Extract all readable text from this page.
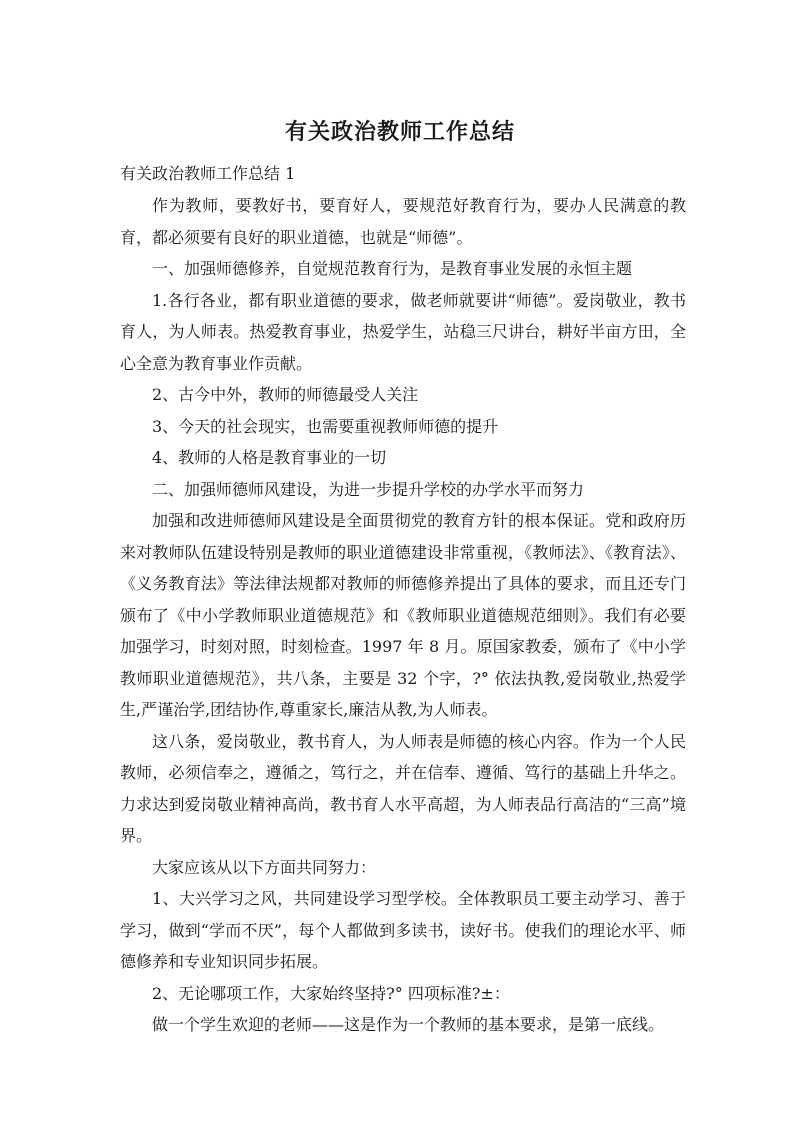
有关政治教师工作总结
有关政治教师工作总结 1

作为教师，要教好书，要育好人，要规范好教育行为，要办人民满意的教育，都必须要有良好的职业道德，也就是“师德”。

一、加强师德修养，自觉规范教育行为，是教育事业发展的永恒主题

1.各行各业，都有职业道德的要求，做老师就要讲“师德”。爱岗敬业，教书育人，为人师表。热爱教育事业，热爱学生，站稳三尺讲台，耕好半亩方田，全心全意为教育事业作贡献。

2、古今中外，教师的师德最受人关注

3、今天的社会现实，也需要重视教师师德的提升

4、教师的人格是教育事业的一切

二、加强师德师风建设，为进一步提升学校的办学水平而努力

加强和改进师德师风建设是全面贯彻党的教育方针的根本保证。党和政府历来对教师队伍建设特别是教师的职业道德建设非常重视，《教师法》、《教育法》、《义务教育法》等法律法规都对教师的师德修养提出了具体的要求，而且还专门颁布了《中小学教师职业道德规范》和《教师职业道德规范细则》。我们有必要加强学习，时刻对照，时刻检查。1997 年 8 月。原国家教委，颁布了《中小学教师职业道德规范》，共八条，主要是 32 个字，?° 依法执教,爱岗敬业,热爱学生,严谨治学,团结协作,尊重家长,廉洁从教,为人师表。

这八条，爱岗敬业，教书育人，为人师表是师德的核心内容。作为一个人民教师，必须信奉之，遵循之，笃行之，并在信奉、遵循、笃行的基础上升华之。力求达到爱岗敬业精神高尚，教书育人水平高超，为人师表品行高洁的“三高”境界。

大家应该从以下方面共同努力：

1、大兴学习之风，共同建设学习型学校。全体教职员工要主动学习、善于学习，做到“学而不厌”，每个人都做到多读书，读好书。使我们的理论水平、师德修养和专业知识同步拓展。

2、无论哪项工作，大家始终坚持?° 四项标准?±：

做一个学生欢迎的老师——这是作为一个教师的基本要求，是第一底线。
